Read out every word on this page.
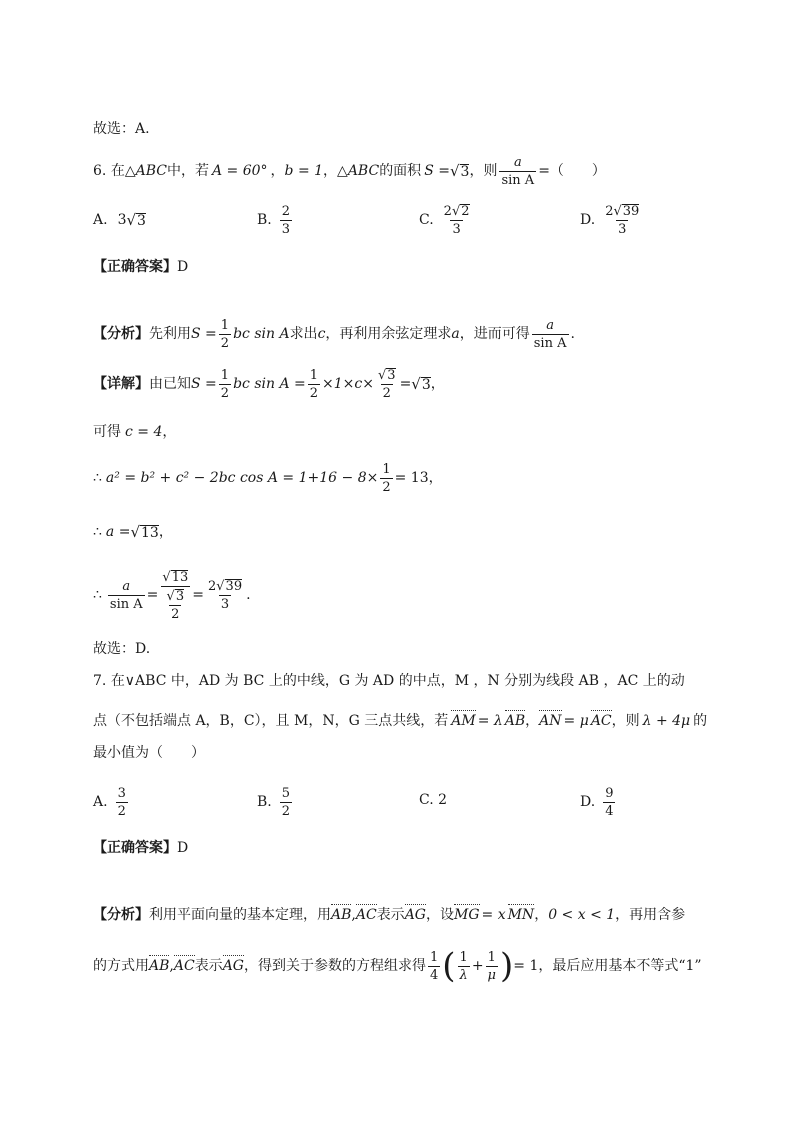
故选：A.
6.
在 △ ABC 中，若 A = 60° ， b = 1 ， △ ABC 的面积 S = √ 3 ，则 $\frac{a}{\text{sin A}}$ =（　　）
A. 3 √ 3	B. $\frac{2}{3}$	C. $\frac{2√2}{3}$	D. $\frac{2√39}{3}$
【正确答案】D
【分析】 先利用 $S = \frac{1}{2}$ bc sin A 求出 c ，再利用余弦定理求 a ，进而可得 $\frac{a}{\text{sin A}}$ .
【详解】 由已知 $S = \frac{1}{2}$ bc $\sin A = \frac{1}{2} \times 1\times c\times \frac{√3}{2}$ = √ 3 ，
可得 c = 4，
∴ a² = b² + c² − 2bc $\cos A = 1+16 - 8\times \frac{1}{2} = 13$，
∴ a = √ 13 ，
∴ $\frac{a}{\text{sin A}} = \frac{√13}{\frac{√3}{2}} = \frac{2√39}{3}$ .
故选：D.
7. 在∨ABC 中，AD 为 BC 上的中线，G 为 AD 的中点，M ，N 分别为线段 AB ，AC 上的动
点（不包括端点 A，B，C），且 M，N，G 三点共线，若 AM = λ AB ， AN = μ AC ，则 λ + 4μ 的
最小值为（　　）
A. $\frac{3}{2}$	B. $\frac{5}{2}$	C. 2	D. $\frac{9}{4}$
【正确答案】D
【分析】 利用平面向量的基本定理，用 AB , AC 表示 AG ，设 MG = x MN ， 0 < x < 1 ，再用含参
的方式用 AB , AC 表示 AG ，得到关于参数的方程组求得 $\frac{1}{4}$ ( $\frac{1}{\lambda} + \frac{1}{\mu}$ ) = 1 ，最后应用基本不等式“1”
